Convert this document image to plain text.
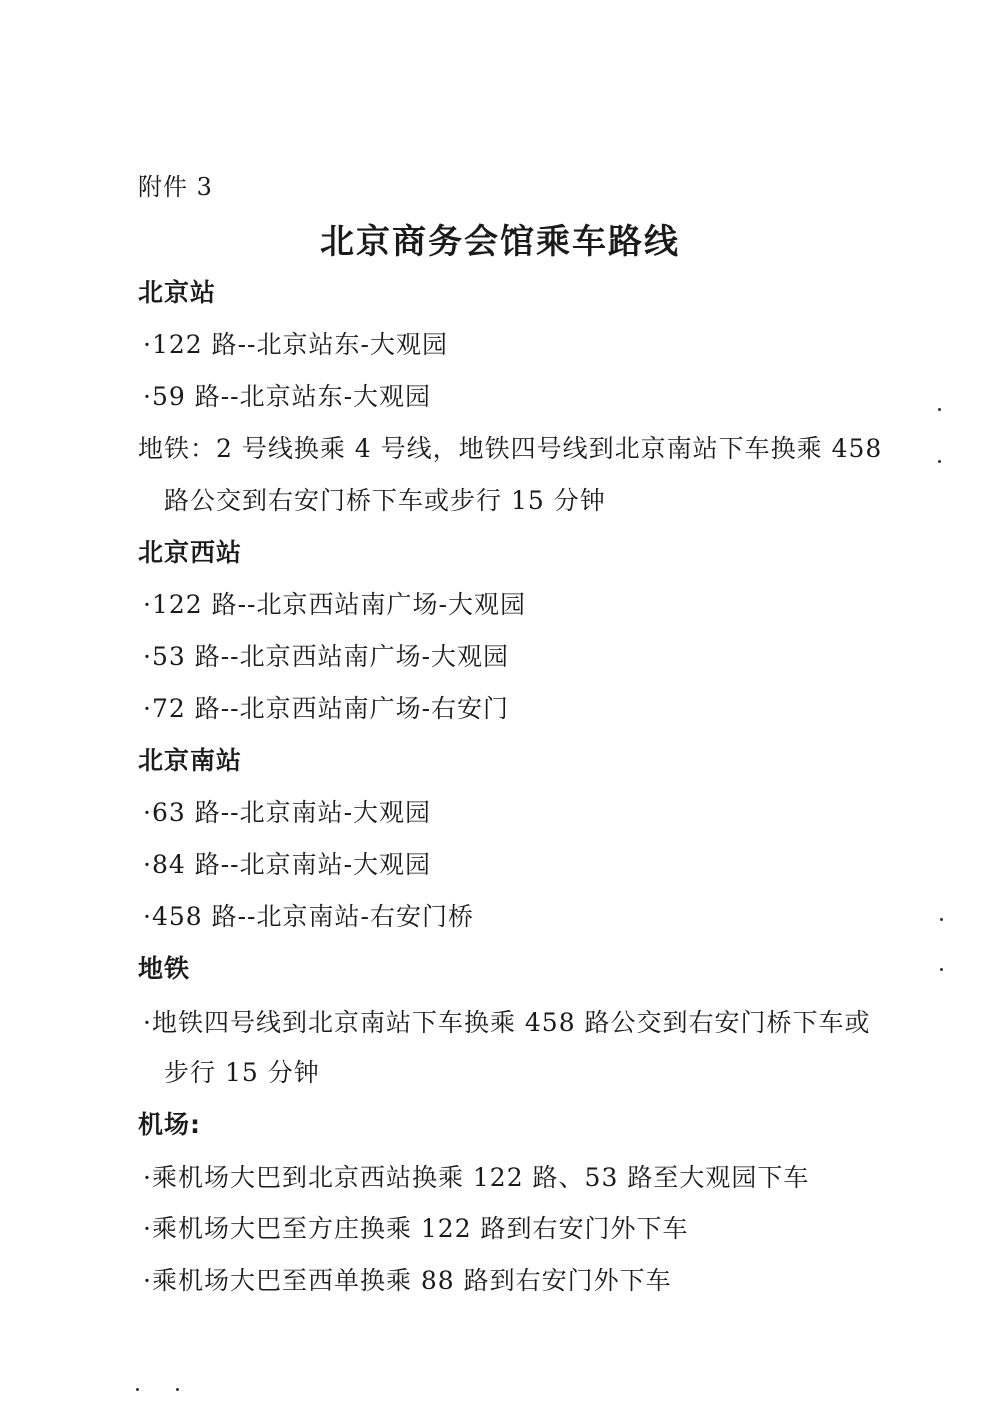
附件 3
北京商务会馆乘车路线
北京站
·122 路--北京站东-大观园
·59 路--北京站东-大观园
地铁：2 号线换乘 4 号线，地铁四号线到北京南站下车换乘 458
路公交到右安门桥下车或步行 15 分钟
北京西站
·122 路--北京西站南广场-大观园
·53 路--北京西站南广场-大观园
·72 路--北京西站南广场-右安门
北京南站
·63 路--北京南站-大观园
·84 路--北京南站-大观园
·458 路--北京南站-右安门桥
地铁
·地铁四号线到北京南站下车换乘 458 路公交到右安门桥下车或
步行 15 分钟
机场:
·乘机场大巴到北京西站换乘 122 路、53 路至大观园下车
·乘机场大巴至方庄换乘 122 路到右安门外下车
·乘机场大巴至西单换乘 88 路到右安门外下车
